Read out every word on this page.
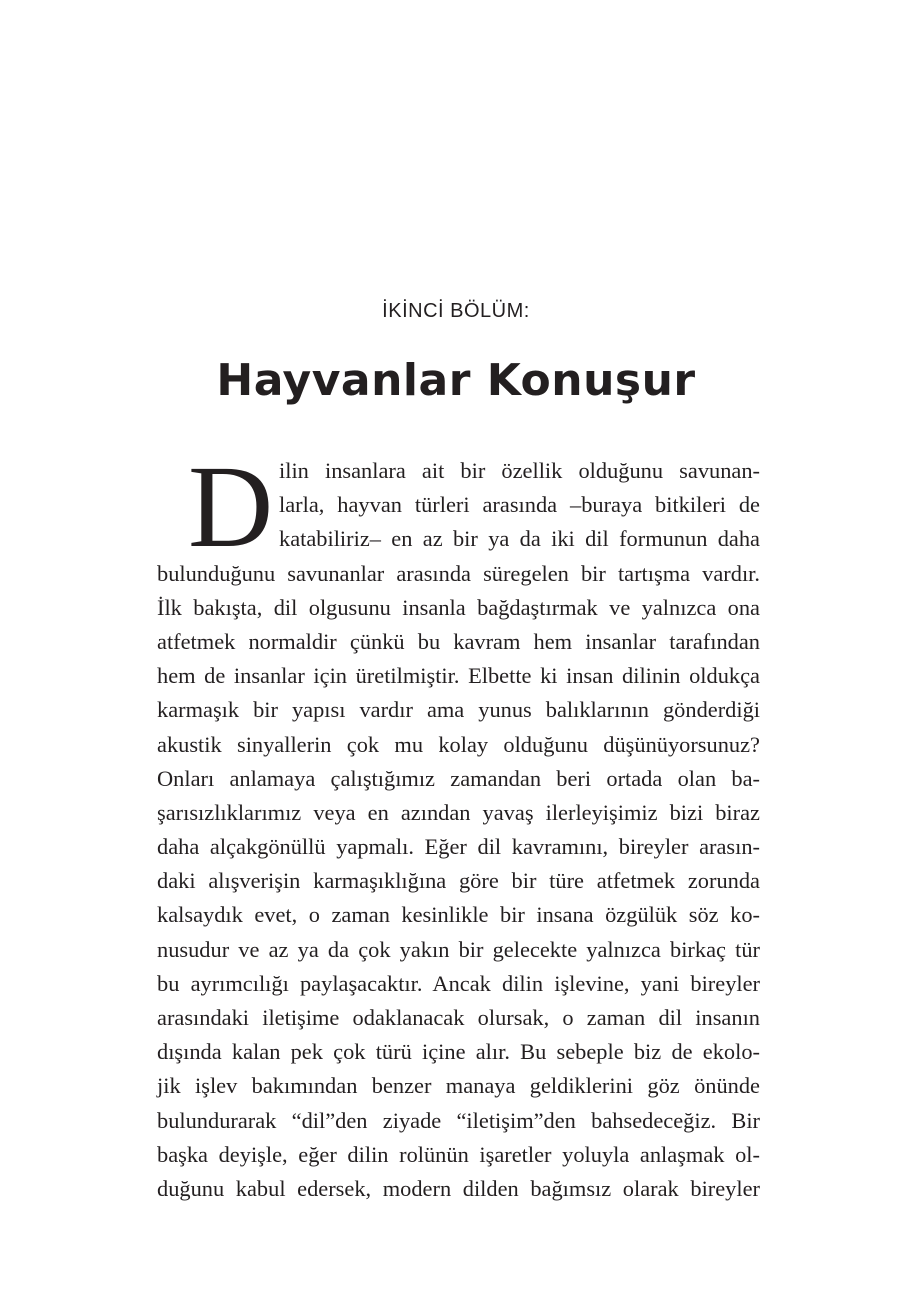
İKİNCİ BÖLÜM:
Hayvanlar Konuşur
D ilin insanlara ait bir özellik olduğunu savunan-
larla, hayvan türleri arasında –buraya bitkileri de
katabiliriz– en az bir ya da iki dil formunun daha
bulunduğunu savunanlar arasında süregelen bir tartışma vardır.
İlk bakışta, dil olgusunu insanla bağdaştırmak ve yalnızca ona
atfetmek normaldir çünkü bu kavram hem insanlar tarafından
hem de insanlar için üretilmiştir. Elbette ki insan dilinin oldukça
karmaşık bir yapısı vardır ama yunus balıklarının gönderdiği
akustik sinyallerin çok mu kolay olduğunu düşünüyorsunuz?
Onları anlamaya çalıştığımız zamandan beri ortada olan ba-
şarısızlıklarımız veya en azından yavaş ilerleyişimiz bizi biraz
daha alçakgönüllü yapmalı. Eğer dil kavramını, bireyler arasın-
daki alışverişin karmaşıklığına göre bir türe atfetmek zorunda
kalsaydık evet, o zaman kesinlikle bir insana özgülük söz ko-
nusudur ve az ya da çok yakın bir gelecekte yalnızca birkaç tür
bu ayrımcılığı paylaşacaktır. Ancak dilin işlevine, yani bireyler
arasındaki iletişime odaklanacak olursak, o zaman dil insanın
dışında kalan pek çok türü içine alır. Bu sebeple biz de ekolo-
jik işlev bakımından benzer manaya geldiklerini göz önünde
bulundurarak “dil”den ziyade “iletişim”den bahsedeceğiz. Bir
başka deyişle, eğer dilin rolünün işaretler yoluyla anlaşmak ol-
duğunu kabul edersek, modern dilden bağımsız olarak bireyler
